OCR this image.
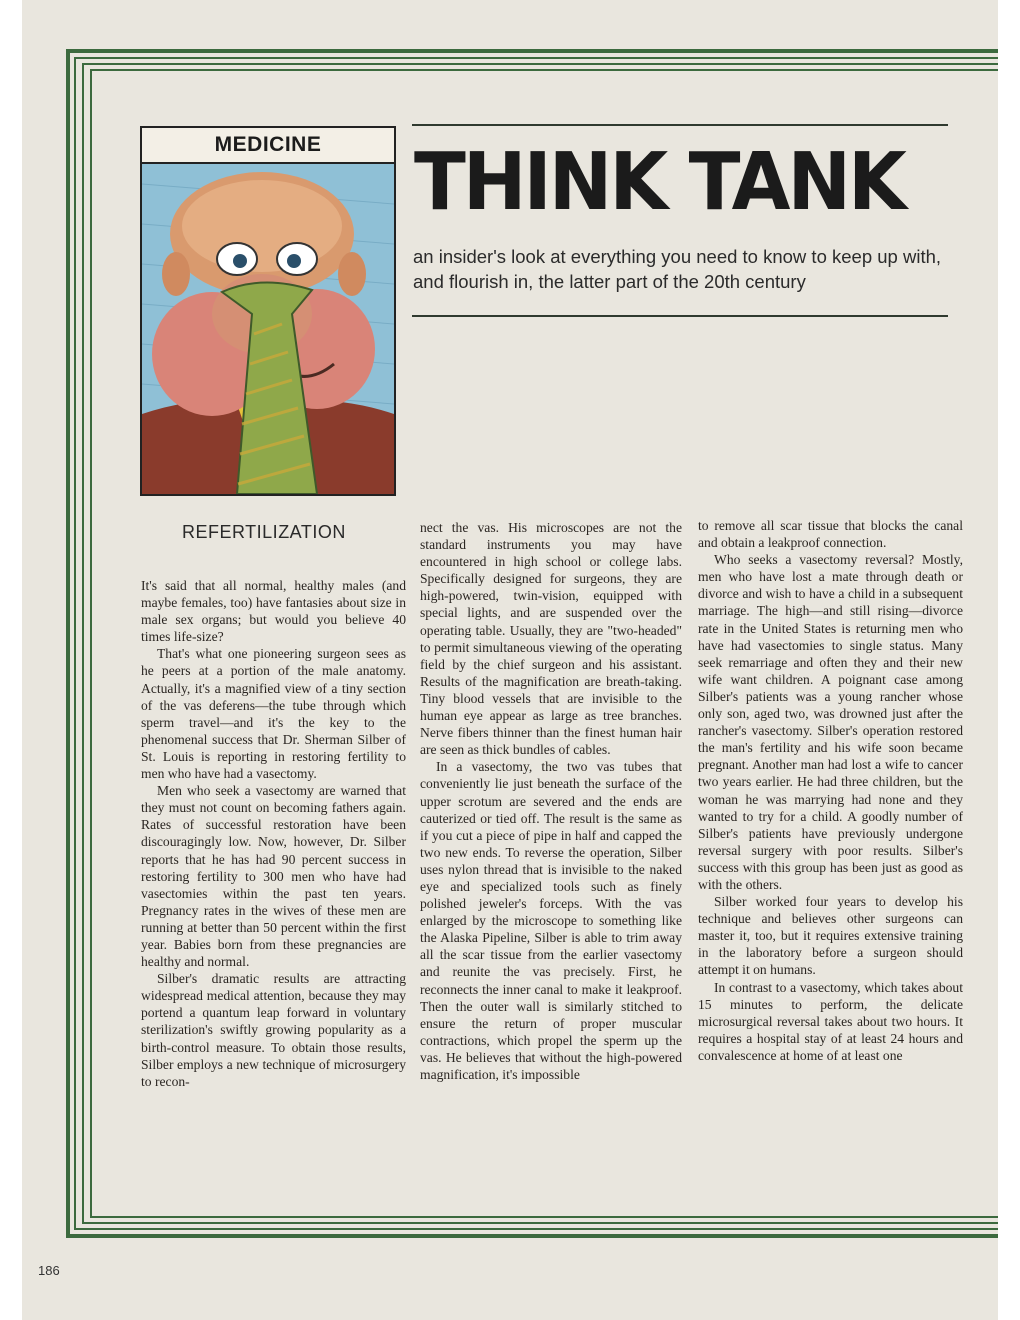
MEDICINE	THINK TANK
an insider's look at everything you need to know to keep up with, and flourish in, the latter part of the 20th century
REFERTILIZATION

It's said that all normal, healthy males (and maybe females, too) have fantasies about size in male sex organs; but would you believe 40 times life-size?

That's what one pioneering surgeon sees as he peers at a portion of the male anatomy. Actually, it's a magnified view of a tiny section of the vas deferens—the tube through which sperm travel—and it's the key to the phenomenal success that Dr. Sherman Silber of St. Louis is reporting in restoring fertility to men who have had a vasectomy.

Men who seek a vasectomy are warned that they must not count on becoming fathers again. Rates of successful restoration have been discouragingly low. Now, however, Dr. Silber reports that he has had 90 percent success in restoring fertility to 300 men who have had vasectomies within the past ten years. Pregnancy rates in the wives of these men are running at better than 50 percent within the first year. Babies born from these pregnancies are healthy and normal.

Silber's dramatic results are attracting widespread medical attention, because they may portend a quantum leap forward in voluntary sterilization's swiftly growing popularity as a birth-control measure. To obtain those results, Silber employs a new technique of microsurgery to recon-

nect the vas. His microscopes are not the standard instruments you may have encountered in high school or college labs. Specifically designed for surgeons, they are high-powered, twin-vision, equipped with special lights, and are suspended over the operating table. Usually, they are "two-headed" to permit simultaneous viewing of the operating field by the chief surgeon and his assistant. Results of the magnification are breath-taking. Tiny blood vessels that are invisible to the human eye appear as large as tree branches. Nerve fibers thinner than the finest human hair are seen as thick bundles of cables.

In a vasectomy, the two vas tubes that conveniently lie just beneath the surface of the upper scrotum are severed and the ends are cauterized or tied off. The result is the same as if you cut a piece of pipe in half and capped the two new ends. To reverse the operation, Silber uses nylon thread that is invisible to the naked eye and specialized tools such as finely polished jeweler's forceps. With the vas enlarged by the microscope to something like the Alaska Pipeline, Silber is able to trim away all the scar tissue from the earlier vasectomy and reunite the vas precisely. First, he reconnects the inner canal to make it leakproof. Then the outer wall is similarly stitched to ensure the return of proper muscular contractions, which propel the sperm up the vas. He believes that without the high-powered magnification, it's impossible

to remove all scar tissue that blocks the canal and obtain a leakproof connection.

Who seeks a vasectomy reversal? Mostly, men who have lost a mate through death or divorce and wish to have a child in a subsequent marriage. The high—and still rising—divorce rate in the United States is returning men who have had vasectomies to single status. Many seek remarriage and often they and their new wife want children. A poignant case among Silber's patients was a young rancher whose only son, aged two, was drowned just after the rancher's vasectomy. Silber's operation restored the man's fertility and his wife soon became pregnant. Another man had lost a wife to cancer two years earlier. He had three children, but the woman he was marrying had none and they wanted to try for a child. A goodly number of Silber's patients have previously undergone reversal surgery with poor results. Silber's success with this group has been just as good as with the others.

Silber worked four years to develop his technique and believes other surgeons can master it, too, but it requires extensive training in the laboratory before a surgeon should attempt it on humans.

In contrast to a vasectomy, which takes about 15 minutes to perform, the delicate microsurgical reversal takes about two hours. It requires a hospital stay of at least 24 hours and convalescence at home of at least one

186
